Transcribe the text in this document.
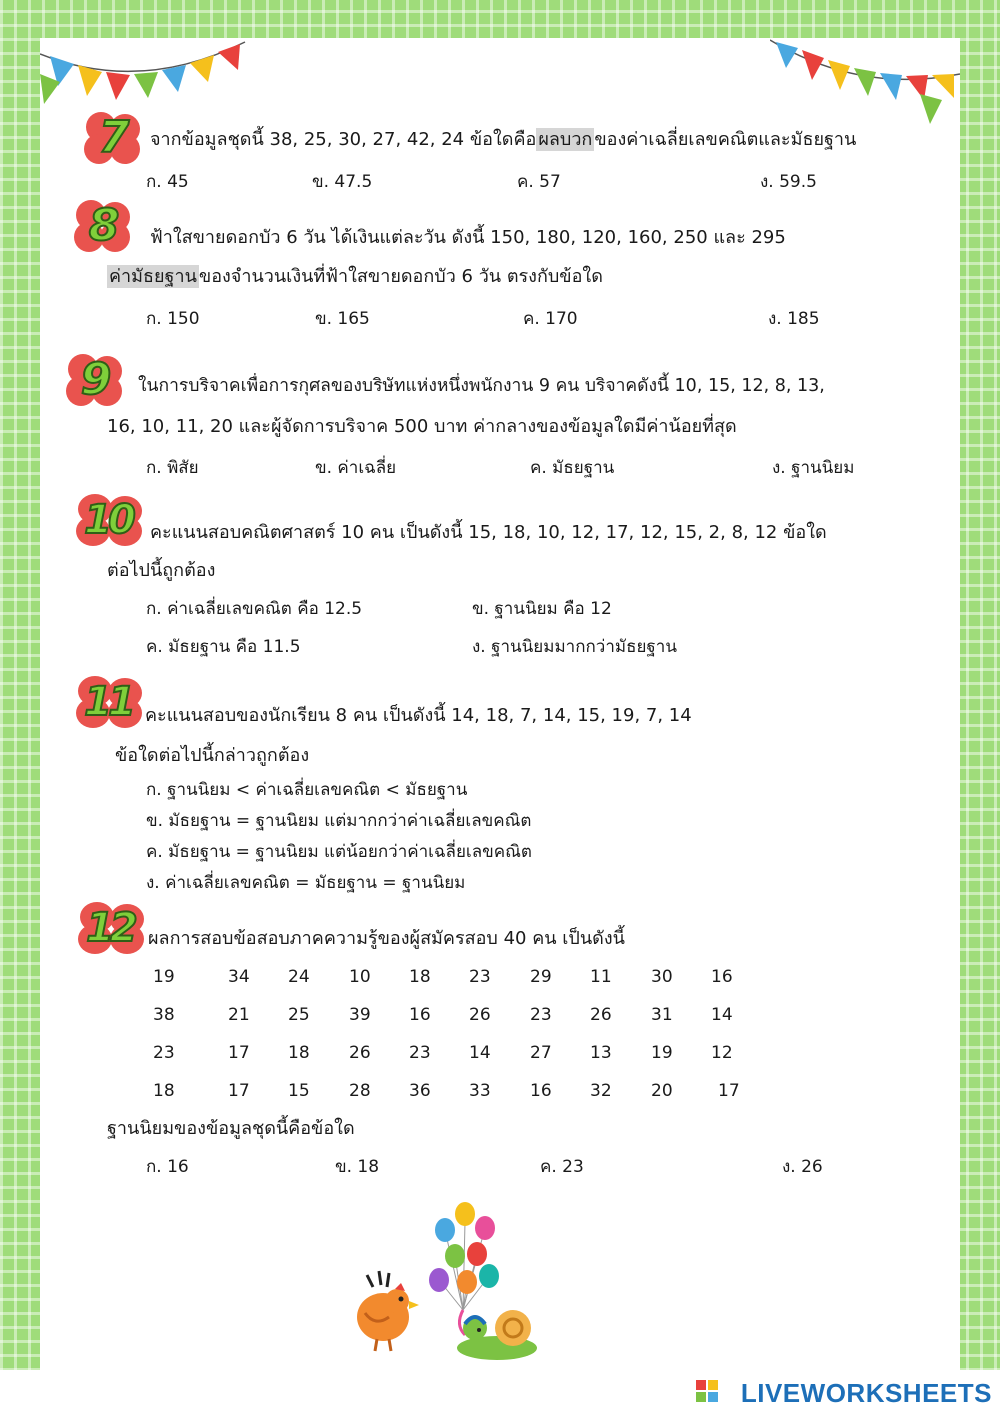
7	จากข้อมูลชุดนี้ 38, 25, 30, 27, 42, 24 ข้อใดคือ ผลบวก ของค่าเฉลี่ยเลขคณิตและมัธยฐาน
ก. 45	ข. 47.5	ค. 57	ง. 59.5
8	ฟ้าใสขายดอกบัว 6 วัน ได้เงินแต่ละวัน ดังนี้ 150, 180, 120, 160, 250 และ 295
ค่ามัธยฐาน ของจำนวนเงินที่ฟ้าใสขายดอกบัว 6 วัน ตรงกับข้อใด
ก. 150	ข. 165	ค. 170	ง. 185
9	ในการบริจาคเพื่อการกุศลของบริษัทแห่งหนึ่งพนักงาน 9 คน บริจาคดังนี้ 10, 15, 12, 8, 13,
16, 10, 11, 20 และผู้จัดการบริจาค 500 บาท ค่ากลางของข้อมูลใดมีค่าน้อยที่สุด
ก. พิสัย	ข. ค่าเฉลี่ย	ค. มัธยฐาน	ง. ฐานนิยม
10	คะแนนสอบคณิตศาสตร์ 10 คน เป็นดังนี้ 15, 18, 10, 12, 17, 12, 15, 2, 8, 12 ข้อใด
ต่อไปนี้ถูกต้อง
ก. ค่าเฉลี่ยเลขคณิต คือ 12.5	ข. ฐานนิยม คือ 12
ค. มัธยฐาน คือ 11.5	ง. ฐานนิยมมากกว่ามัธยฐาน
11 คะแนนสอบของนักเรียน 8 คน เป็นดังนี้ 14, 18, 7, 14, 15, 19, 7, 14
ข้อใดต่อไปนี้กล่าวถูกต้อง
ก. ฐานนิยม < ค่าเฉลี่ยเลขคณิต < มัธยฐาน
ข. มัธยฐาน = ฐานนิยม แต่มากกว่าค่าเฉลี่ยเลขคณิต
ค. มัธยฐาน = ฐานนิยม แต่น้อยกว่าค่าเฉลี่ยเลขคณิต
ง. ค่าเฉลี่ยเลขคณิต = มัธยฐาน = ฐานนิยม
12 ผลการสอบข้อสอบภาคความรู้ของผู้สมัครสอบ 40 คน เป็นดังนี้
19	34 24 10 18 23 29 11 30 16
38	21 25 39 16 26 23 26 31 14
23	17 18 26 23 14 27 13 19 12
18	17 15 28 36 33 16 32 20	17
ฐานนิยมของข้อมูลชุดนี้คือข้อใด
ก. 16	ข. 18	ค. 23	ง. 26
LIVEWORKSHEETS
